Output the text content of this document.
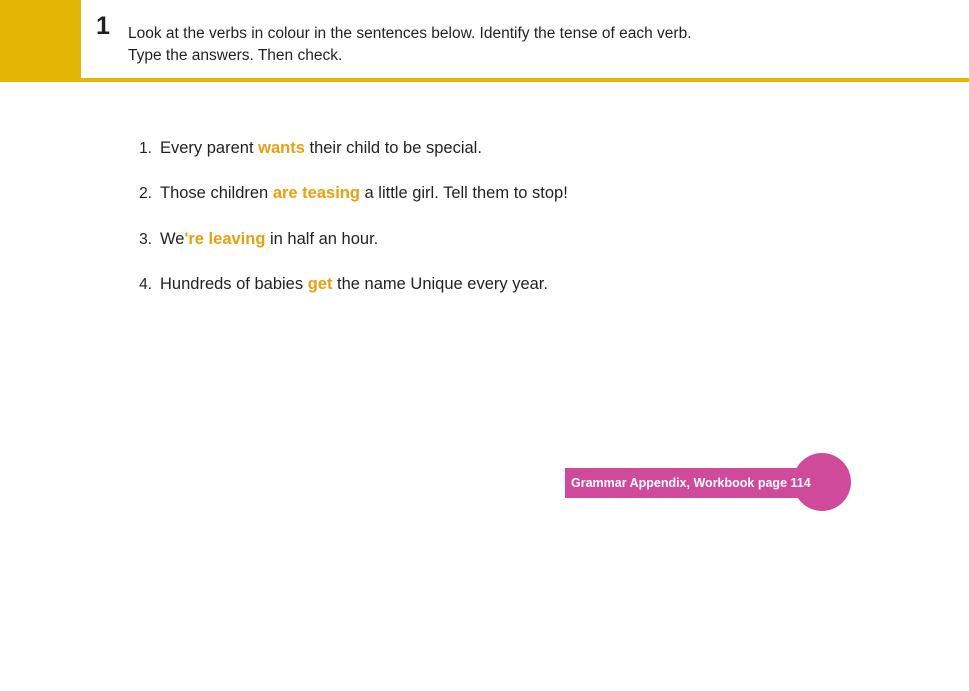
1 Look at the verbs in colour in the sentences below. Identify the tense of each verb.
Type the answers. Then check.
1. Every parent wants their child to be special.
2. Those children are teasing a little girl. Tell them to stop!
3. We're leaving in half an hour.
4. Hundreds of babies get the name Unique every year.
Grammar Appendix, Workbook page 114
